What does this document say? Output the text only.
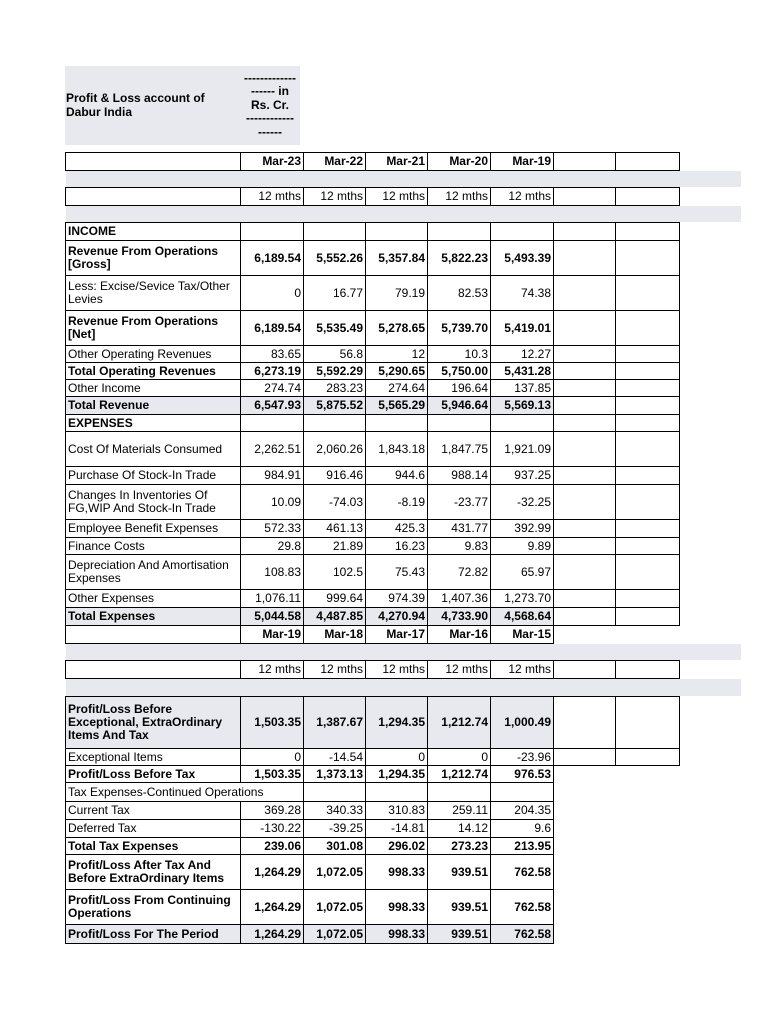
Profit & Loss account of Dabur India
-------------
------ in
Rs. Cr.
------------
------
	Mar-23	Mar-22	Mar-21	Mar-20	Mar-19			

	12 mths	12 mths	12 mths	12 mths	12 mths			

INCOME								
Revenue From Operations [Gross]	6,189.54	5,552.26	5,357.84	5,822.23	5,493.39			
Less: Excise/Sevice Tax/Other Levies	0	16.77	79.19	82.53	74.38			
Revenue From Operations [Net]	6,189.54	5,535.49	5,278.65	5,739.70	5,419.01			
Other Operating Revenues	83.65	56.8	12	10.3	12.27			
Total Operating Revenues	6,273.19	5,592.29	5,290.65	5,750.00	5,431.28			
Other Income	274.74	283.23	274.64	196.64	137.85			
Total Revenue	6,547.93	5,875.52	5,565.29	5,946.64	5,569.13			
EXPENSES								
Cost Of Materials Consumed	2,262.51	2,060.26	1,843.18	1,847.75	1,921.09			
Purchase Of Stock-In Trade	984.91	916.46	944.6	988.14	937.25			
Changes In Inventories Of FG,WIP And Stock-In Trade	10.09	-74.03	-8.19	-23.77	-32.25			
Employee Benefit Expenses	572.33	461.13	425.3	431.77	392.99			
Finance Costs	29.8	21.89	16.23	9.83	9.89			
Depreciation And Amortisation Expenses	108.83	102.5	75.43	72.82	65.97			
Other Expenses	1,076.11	999.64	974.39	1,407.36	1,273.70			
Total Expenses	5,044.58	4,487.85	4,270.94	4,733.90	4,568.64			
	Mar-19	Mar-18	Mar-17	Mar-16	Mar-15			

	12 mths	12 mths	12 mths	12 mths	12 mths			

Profit/Loss Before Exceptional, ExtraOrdinary Items And Tax	1,503.35	1,387.67	1,294.35	1,212.74	1,000.49			
Exceptional Items	0	-14.54	0	0	-23.96			
Profit/Loss Before Tax	1,503.35	1,373.13	1,294.35	1,212.74	976.53			
Tax Expenses-Continued Operations								
Current Tax	369.28	340.33	310.83	259.11	204.35			
Deferred Tax	-130.22	-39.25	-14.81	14.12	9.6			
Total Tax Expenses	239.06	301.08	296.02	273.23	213.95			
Profit/Loss After Tax And Before ExtraOrdinary Items	1,264.29	1,072.05	998.33	939.51	762.58			
Profit/Loss From Continuing Operations	1,264.29	1,072.05	998.33	939.51	762.58			
Profit/Loss For The Period	1,264.29	1,072.05	998.33	939.51	762.58			
